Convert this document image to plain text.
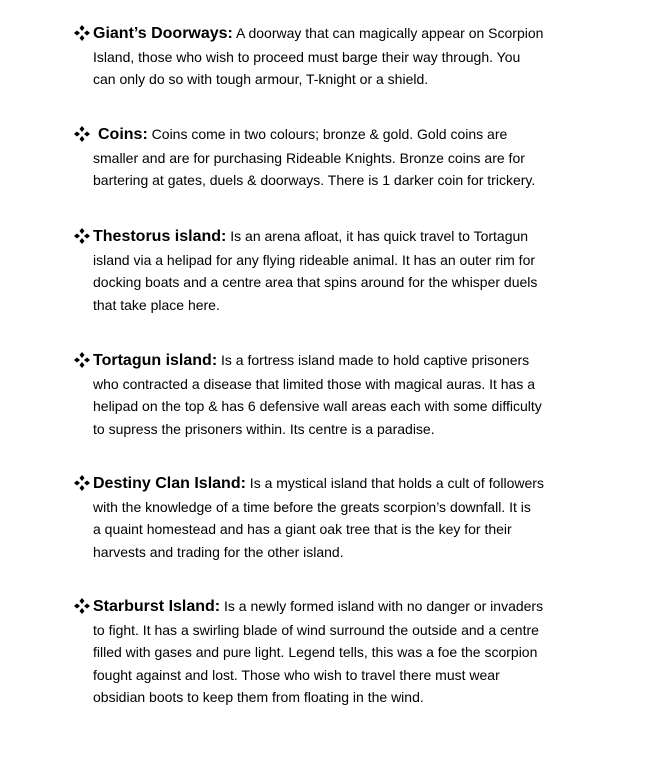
Giant’s Doorways: A doorway that can magically appear on Scorpion
Island, those who wish to proceed must barge their way through. You
can only do so with tough armour, T-knight or a shield.
Coins: Coins come in two colours; bronze & gold. Gold coins are
smaller and are for purchasing Rideable Knights. Bronze coins are for
bartering at gates, duels & doorways. There is 1 darker coin for trickery.
Thestorus island: Is an arena afloat, it has quick travel to Tortagun
island via a helipad for any flying rideable animal. It has an outer rim for
docking boats and a centre area that spins around for the whisper duels
that take place here.
Tortagun island: Is a fortress island made to hold captive prisoners
who contracted a disease that limited those with magical auras. It has a
helipad on the top & has 6 defensive wall areas each with some difficulty
to supress the prisoners within. Its centre is a paradise.
Destiny Clan Island: Is a mystical island that holds a cult of followers
with the knowledge of a time before the greats scorpion’s downfall. It is
a quaint homestead and has a giant oak tree that is the key for their
harvests and trading for the other island.
Starburst Island: Is a newly formed island with no danger or invaders
to fight. It has a swirling blade of wind surround the outside and a centre
filled with gases and pure light. Legend tells, this was a foe the scorpion
fought against and lost. Those who wish to travel there must wear
obsidian boots to keep them from floating in the wind.
